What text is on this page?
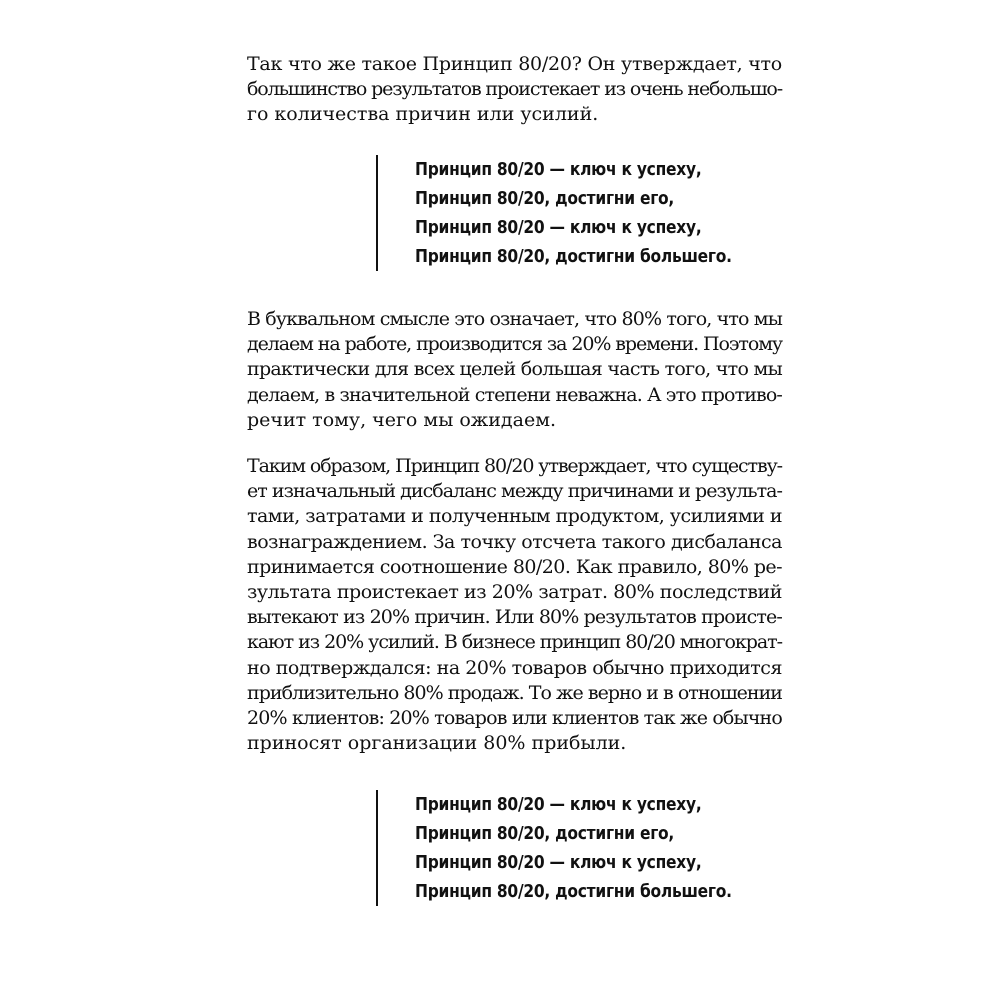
Так что же такое Принцип 80/20? Он утверждает, что
большинство результатов проистекает из очень небольшо-
го количества причин или усилий.

Принцип 80/20 — ключ к успеху,
Принцип 80/20, достигни его,
Принцип 80/20 — ключ к успеху,
Принцип 80/20, достигни большего.

В буквальном смысле это означает, что 80% того, что мы
делаем на работе, производится за 20% времени. Поэтому
практически для всех целей большая часть того, что мы
делаем, в значительной степени неважна. А это противо-
речит тому, чего мы ожидаем.

Таким образом, Принцип 80/20 утверждает, что существу-
ет изначальный дисбаланс между причинами и результа-
тами, затратами и полученным продуктом, усилиями и
вознаграждением. За точку отсчета такого дисбаланса
принимается соотношение 80/20. Как правило, 80% ре-
зультата проистекает из 20% затрат. 80% последствий
вытекают из 20% причин. Или 80% результатов происте-
кают из 20% усилий. В бизнесе принцип 80/20 многократ-
но подтверждался: на 20% товаров обычно приходится
приблизительно 80% продаж. То же верно и в отношении
20% клиентов: 20% товаров или клиентов так же обычно
приносят организации 80% прибыли.

Принцип 80/20 — ключ к успеху,
Принцип 80/20, достигни его,
Принцип 80/20 — ключ к успеху,
Принцип 80/20, достигни большего.
